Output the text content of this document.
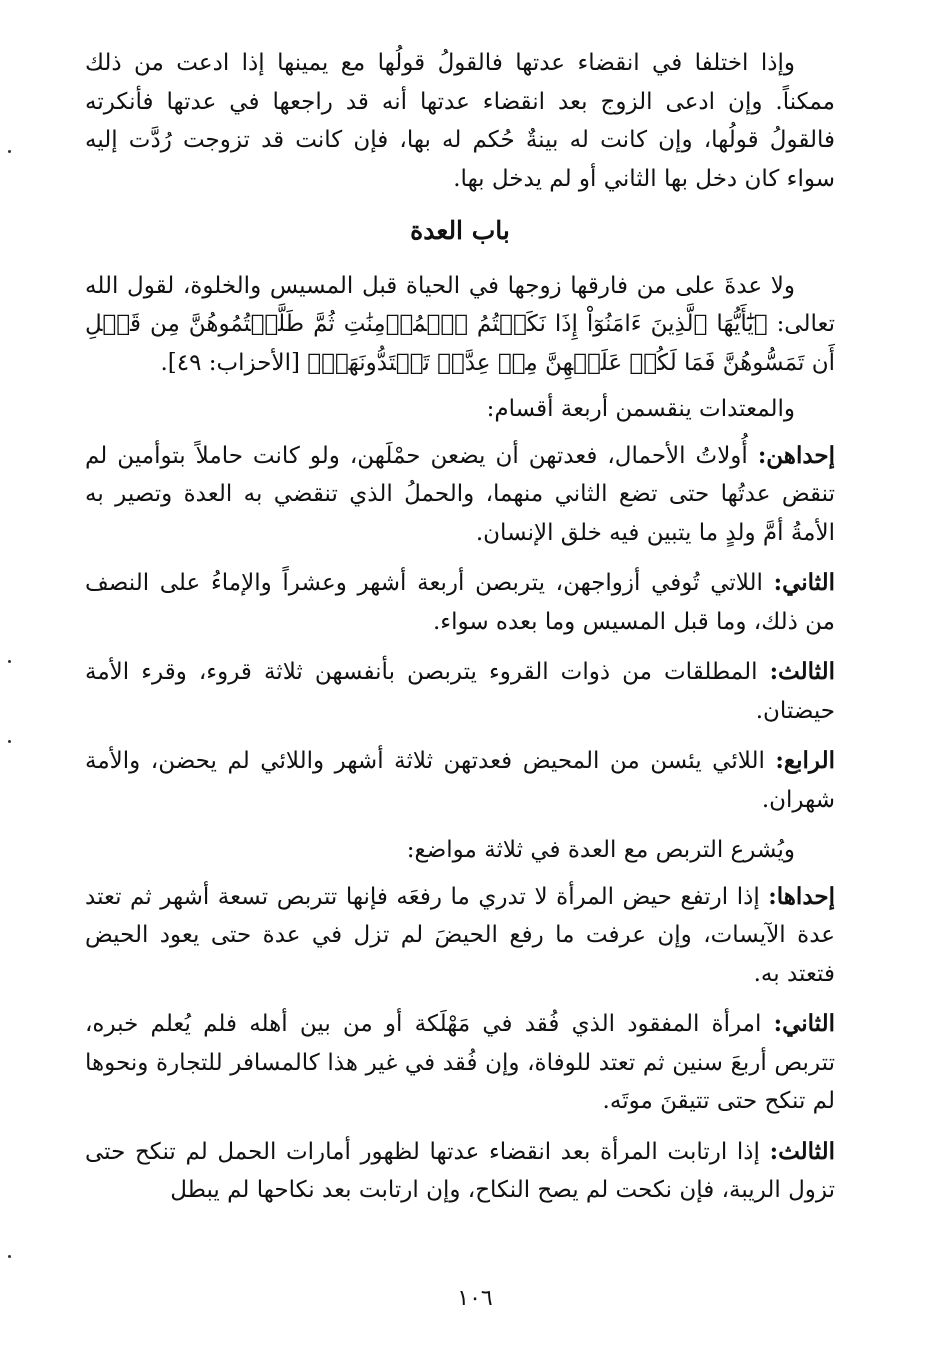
وإذا اختلفا في انقضاء عدتها فالقولُ قولُها مع يمينها إذا ادعت من ذلك ممكناً. وإن ادعى الزوج بعد انقضاء عدتها أنه قد راجعها في عدتها فأنكرته فالقولُ قولُها، وإن كانت له بينةٌ حُكم له بها، فإن كانت قد تزوجت رُدَّت إليه سواء كان دخل بها الثاني أو لم يدخل بها.

باب العدة

ولا عدةَ على من فارقها زوجها في الحياة قبل المسيس والخلوة، لقول الله تعالى: ﴿يَٰٓأَيُّهَا ٱلَّذِينَ ءَامَنُوٓاْ إِذَا نَكَحۡتُمُ ٱلۡمُؤۡمِنَٰتِ ثُمَّ طَلَّقۡتُمُوهُنَّ مِن قَبۡلِ أَن تَمَسُّوهُنَّ فَمَا لَكُمۡ عَلَيۡهِنَّ مِنۡ عِدَّةٖ تَعۡتَدُّونَهَاۖ﴾ [الأحزاب: ٤٩].

والمعتدات ينقسمن أربعة أقسام:

إحداهن: أُولاتُ الأحمال، فعدتهن أن يضعن حمْلَهن، ولو كانت حاملاً بتوأمين لم تنقض عدتُها حتى تضع الثاني منهما، والحملُ الذي تنقضي به العدة وتصير به الأمةُ أمَّ ولدٍ ما يتبين فيه خلق الإنسان.

الثاني: اللاتي تُوفي أزواجهن، يتربصن أربعة أشهر وعشراً والإماءُ على النصف من ذلك، وما قبل المسيس وما بعده سواء.

الثالث: المطلقات من ذوات القروء يتربصن بأنفسهن ثلاثة قروء، وقرء الأمة حيضتان.

الرابع: اللائي يئسن من المحيض فعدتهن ثلاثة أشهر واللائي لم يحضن، والأمة شهران.

ويُشرع التربص مع العدة في ثلاثة مواضع:

إحداها: إذا ارتفع حيض المرأة لا تدري ما رفعَه فإنها تتربص تسعة أشهر ثم تعتد عدة الآيسات، وإن عرفت ما رفع الحيضَ لم تزل في عدة حتى يعود الحيض فتعتد به.

الثاني: امرأة المفقود الذي فُقد في مَهْلَكة أو من بين أهله فلم يُعلم خبره، تتربص أربعَ سنين ثم تعتد للوفاة، وإن فُقد في غير هذا كالمسافر للتجارة ونحوها لم تنكح حتى تتيقنَ موتَه.

الثالث: إذا ارتابت المرأة بعد انقضاء عدتها لظهور أمارات الحمل لم تنكح حتى تزول الريبة، فإن نكحت لم يصح النكاح، وإن ارتابت بعد نكاحها لم يبطل

١٠٦
